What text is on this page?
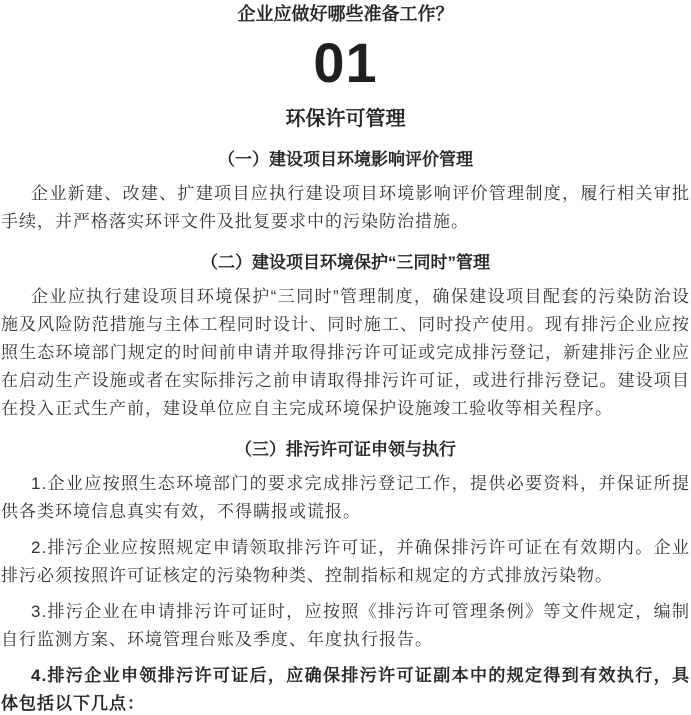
企业应做好哪些准备工作？
01
环保许可管理
（一）建设项目环境影响评价管理

企业新建、改建、扩建项目应执行建设项目环境影响评价管理制度，履行相关审批手续，并严格落实环评文件及批复要求中的污染防治措施。

（二）建设项目环境保护“三同时”管理

企业应执行建设项目环境保护“三同时”管理制度，确保建设项目配套的污染防治设施及风险防范措施与主体工程同时设计、同时施工、同时投产使用。现有排污企业应按照生态环境部门规定的时间前申请并取得排污许可证或完成排污登记，新建排污企业应在启动生产设施或者在实际排污之前申请取得排污许可证，或进行排污登记。建设项目在投入正式生产前，建设单位应自主完成环境保护设施竣工验收等相关程序。

（三）排污许可证申领与执行

1.企业应按照生态环境部门的要求完成排污登记工作，提供必要资料，并保证所提供各类环境信息真实有效，不得瞒报或谎报。

2.排污企业应按照规定申请领取排污许可证，并确保排污许可证在有效期内。企业排污必须按照许可证核定的污染物种类、控制指标和规定的方式排放污染物。

3.排污企业在申请排污许可证时，应按照《排污许可管理条例》等文件规定，编制自行监测方案、环境管理台账及季度、年度执行报告。

4.排污企业申领排污许可证后，应确保排污许可证副本中的规定得到有效执行，具体包括以下几点：
